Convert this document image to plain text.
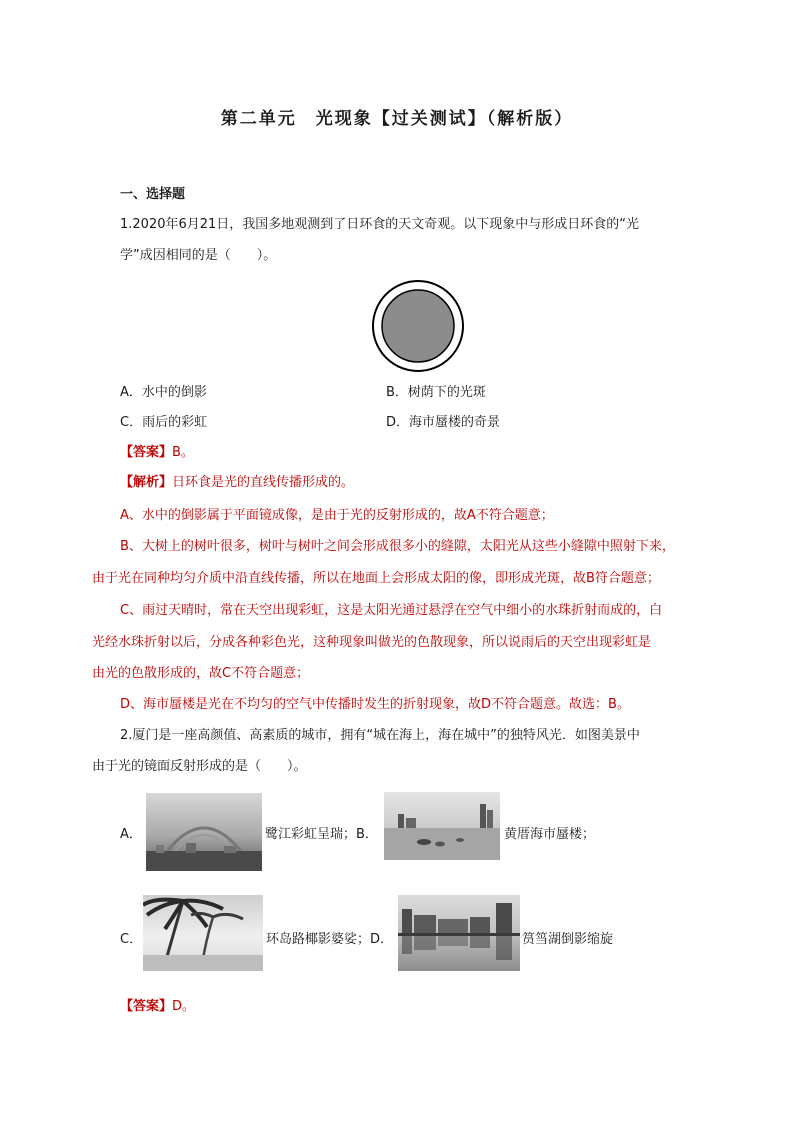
第二单元　光现象【过关测试】（解析版）
一、选择题
1.2020年6月21日，我国多地观测到了日环食的天文奇观。以下现象中与形成日环食的“光
学”成因相同的是（　　）。
A．水中的倒影	B．树荫下的光斑
C．雨后的彩虹	D．海市蜃楼的奇景
【答案】B。
【解析】日环食是光的直线传播形成的。
A、水中的倒影属于平面镜成像，是由于光的反射形成的，故A不符合题意；
B、大树上的树叶很多，树叶与树叶之间会形成很多小的缝隙，太阳光从这些小缝隙中照射下来，
由于光在同种均匀介质中沿直线传播，所以在地面上会形成太阳的像，即形成光斑，故B符合题意；
C、雨过天晴时，常在天空出现彩虹，这是太阳光通过悬浮在空气中细小的水珠折射而成的，白
光经水珠折射以后，分成各种彩色光，这种现象叫做光的色散现象，所以说雨后的天空出现彩虹是
由光的色散形成的，故C不符合题意；
D、海市蜃楼是光在不均匀的空气中传播时发生的折射现象，故D不符合题意。故选：B。
2.厦门是一座高颜值、高素质的城市，拥有“城在海上，海在城中”的独特风光．如图美景中
由于光的镜面反射形成的是（　　）。
A．	鹭江彩虹呈瑞；B．	黄厝海市蜃楼；
C．	环岛路椰影婆娑；D．	筼筜湖倒影缩旋
【答案】D。
